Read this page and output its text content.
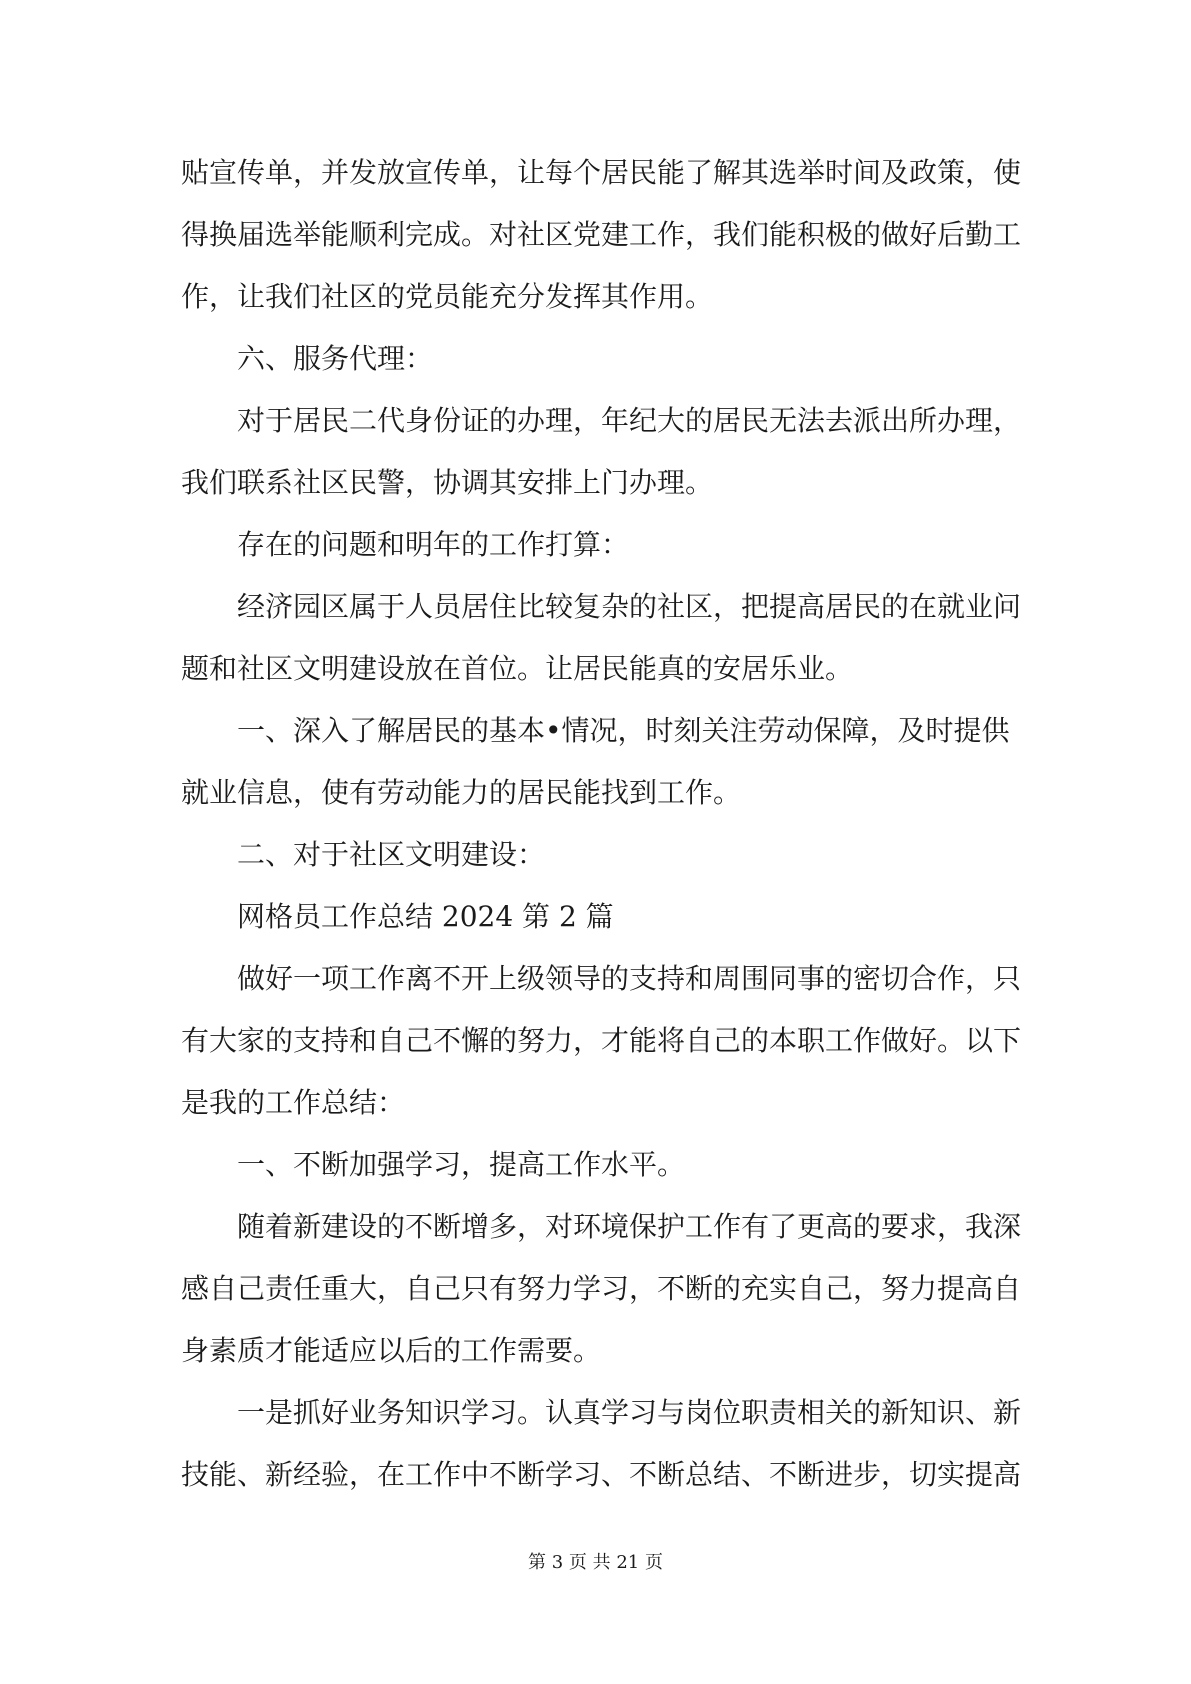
贴宣传单，并发放宣传单，让每个居民能了解其选举时间及政策，使
得换届选举能顺利完成。对社区党建工作，我们能积极的做好后勤工
作，让我们社区的党员能充分发挥其作用。
六、服务代理：
对于居民二代身份证的办理，年纪大的居民无法去派出所办理，
我们联系社区民警，协调其安排上门办理。
存在的问题和明年的工作打算：
经济园区属于人员居住比较复杂的社区，把提高居民的在就业问
题和社区文明建设放在首位。让居民能真的安居乐业。
一、深入了解居民的基本•情况，时刻关注劳动保障，及时提供
就业信息，使有劳动能力的居民能找到工作。
二、对于社区文明建设：
网格员工作总结 2024 第 2 篇
做好一项工作离不开上级领导的支持和周围同事的密切合作，只
有大家的支持和自己不懈的努力，才能将自己的本职工作做好。以下
是我的工作总结：
一、不断加强学习，提高工作水平。
随着新建设的不断增多，对环境保护工作有了更高的要求，我深
感自己责任重大，自己只有努力学习，不断的充实自己，努力提高自
身素质才能适应以后的工作需要。
一是抓好业务知识学习。认真学习与岗位职责相关的新知识、新
技能、新经验，在工作中不断学习、不断总结、不断进步，切实提高
第 3 页 共 21 页
